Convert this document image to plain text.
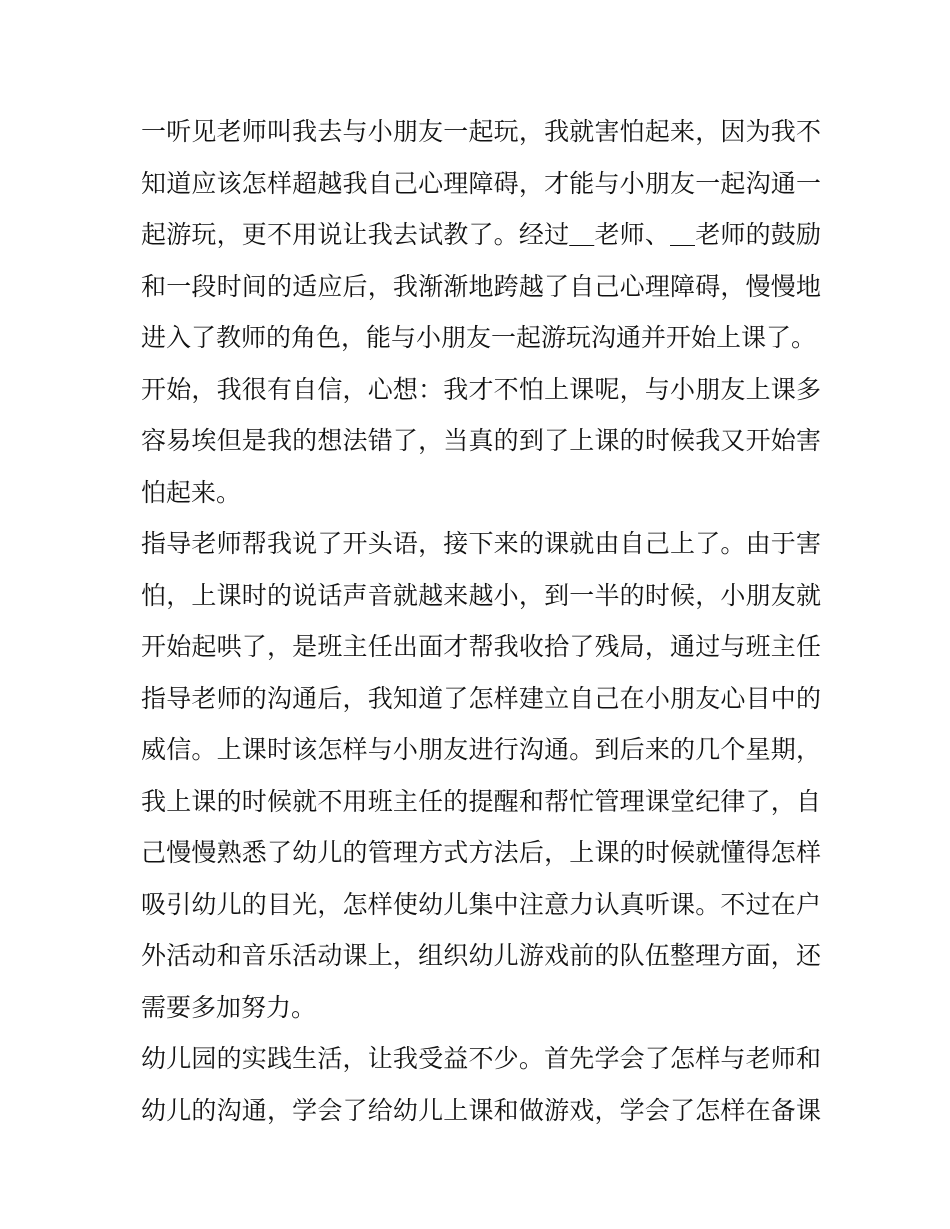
一听见老师叫我去与小朋友一起玩，我就害怕起来，因为我不
知道应该怎样超越我自己心理障碍，才能与小朋友一起沟通一
起游玩，更不用说让我去试教了。经过＿老师、＿老师的鼓励
和一段时间的适应后，我渐渐地跨越了自己心理障碍，慢慢地
进入了教师的角色，能与小朋友一起游玩沟通并开始上课了。
开始，我很有自信，心想：我才不怕上课呢，与小朋友上课多
容易埃但是我的想法错了，当真的到了上课的时候我又开始害
怕起来。
指导老师帮我说了开头语，接下来的课就由自己上了。由于害
怕，上课时的说话声音就越来越小，到一半的时候，小朋友就
开始起哄了，是班主任出面才帮我收拾了残局，通过与班主任
指导老师的沟通后，我知道了怎样建立自己在小朋友心目中的
威信。上课时该怎样与小朋友进行沟通。到后来的几个星期，
我上课的时候就不用班主任的提醒和帮忙管理课堂纪律了，自
己慢慢熟悉了幼儿的管理方式方法后，上课的时候就懂得怎样
吸引幼儿的目光，怎样使幼儿集中注意力认真听课。不过在户
外活动和音乐活动课上，组织幼儿游戏前的队伍整理方面，还
需要多加努力。
幼儿园的实践生活，让我受益不少。首先学会了怎样与老师和
幼儿的沟通，学会了给幼儿上课和做游戏，学会了怎样在备课
